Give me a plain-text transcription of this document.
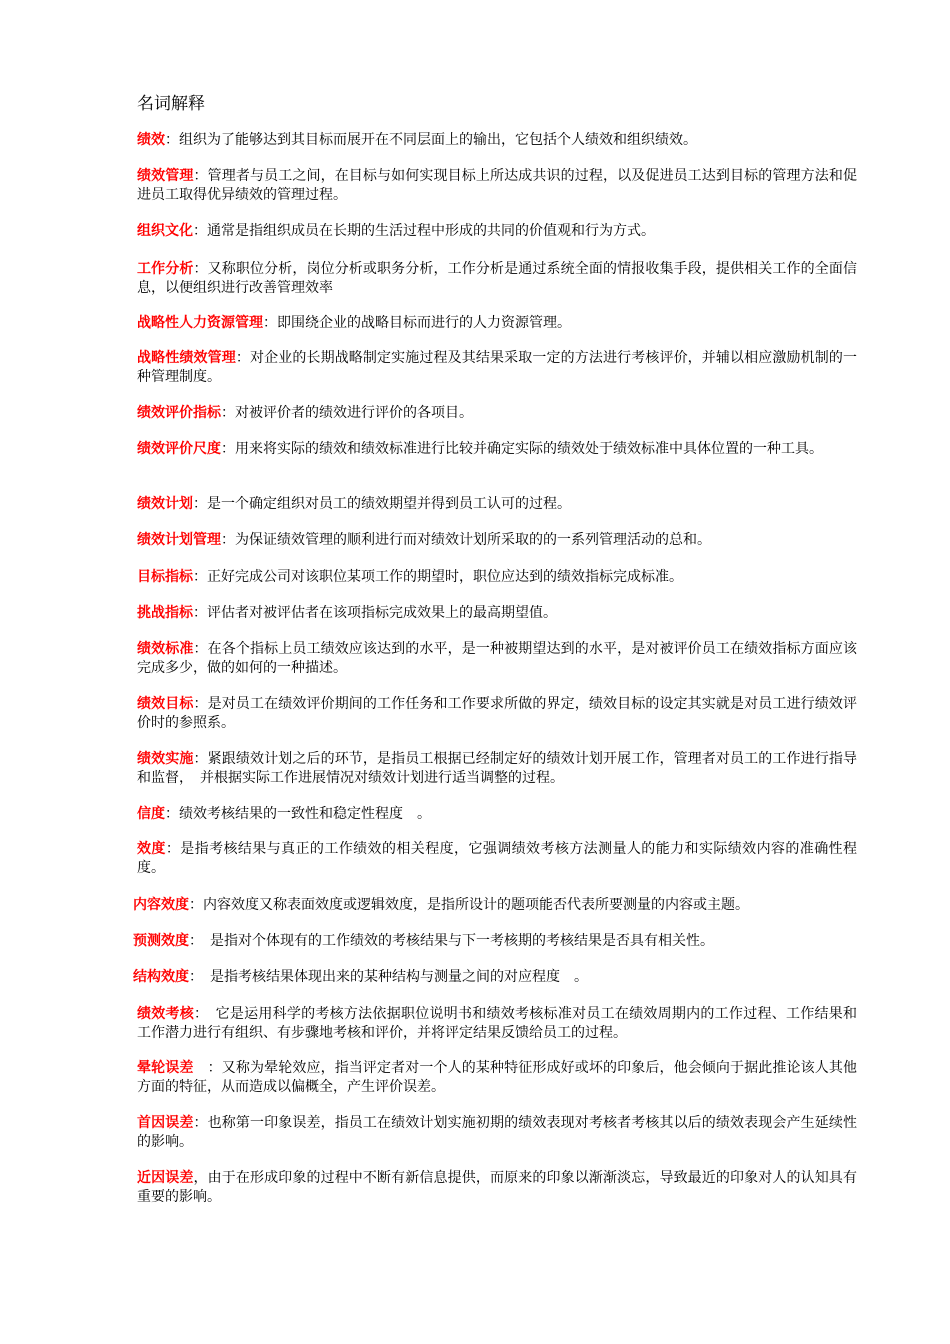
名词解释

绩效：组织为了能够达到其目标而展开在不同层面上的输出，它包括个人绩效和组织绩效。

绩效管理：管理者与员工之间，在目标与如何实现目标上所达成共识的过程，以及促进员工达到目标的管理方法和促进员工取得优异绩效的管理过程。

组织文化：通常是指组织成员在长期的生活过程中形成的共同的价值观和行为方式。

工作分析：又称职位分析，岗位分析或职务分析，工作分析是通过系统全面的情报收集手段，提供相关工作的全面信息，以便组织进行改善管理效率

战略性人力资源管理：即围绕企业的战略目标而进行的人力资源管理。

战略性绩效管理：对企业的长期战略制定实施过程及其结果采取一定的方法进行考核评价，并辅以相应激励机制的一种管理制度。

绩效评价指标：对被评价者的绩效进行评价的各项目。

绩效评价尺度：用来将实际的绩效和绩效标准进行比较并确定实际的绩效处于绩效标准中具体位置的一种工具。

绩效计划：是一个确定组织对员工的绩效期望并得到员工认可的过程。

绩效计划管理：为保证绩效管理的顺利进行而对绩效计划所采取的的一系列管理活动的总和。

目标指标：正好完成公司对该职位某项工作的期望时，职位应达到的绩效指标完成标准。

挑战指标：评估者对被评估者在该项指标完成效果上的最高期望值。

绩效标准：在各个指标上员工绩效应该达到的水平，是一种被期望达到的水平，是对被评价员工在绩效指标方面应该完成多少，做的如何的一种描述。

绩效目标：是对员工在绩效评价期间的工作任务和工作要求所做的界定，绩效目标的设定其实就是对员工进行绩效评价时的参照系。

绩效实施：紧跟绩效计划之后的环节，是指员工根据已经制定好的绩效计划开展工作，管理者对员工的工作进行指导和监督，　并根据实际工作进展情况对绩效计划进行适当调整的过程。

信度：绩效考核结果的一致性和稳定性程度　。

效度：是指考核结果与真正的工作绩效的相关程度，它强调绩效考核方法测量人的能力和实际绩效内容的准确性程度。

内容效度：内容效度又称表面效度或逻辑效度，是指所设计的题项能否代表所要测量的内容或主题。

预测效度：　是指对个体现有的工作绩效的考核结果与下一考核期的考核结果是否具有相关性。

结构效度：　是指考核结果体现出来的某种结构与测量之间的对应程度　。

绩效考核：　它是运用科学的考核方法依据职位说明书和绩效考核标准对员工在绩效周期内的工作过程、工作结果和工作潜力进行有组织、有步骤地考核和评价，并将评定结果反馈给员工的过程。

晕轮误差　：又称为晕轮效应，指当评定者对一个人的某种特征形成好或坏的印象后，他会倾向于据此推论该人其他方面的特征，从而造成以偏概全，产生评价误差。

首因误差：也称第一印象误差，指员工在绩效计划实施初期的绩效表现对考核者考核其以后的绩效表现会产生延续性的影响。

近因误差，由于在形成印象的过程中不断有新信息提供，而原来的印象以渐渐淡忘，导致最近的印象对人的认知具有重要的影响。
